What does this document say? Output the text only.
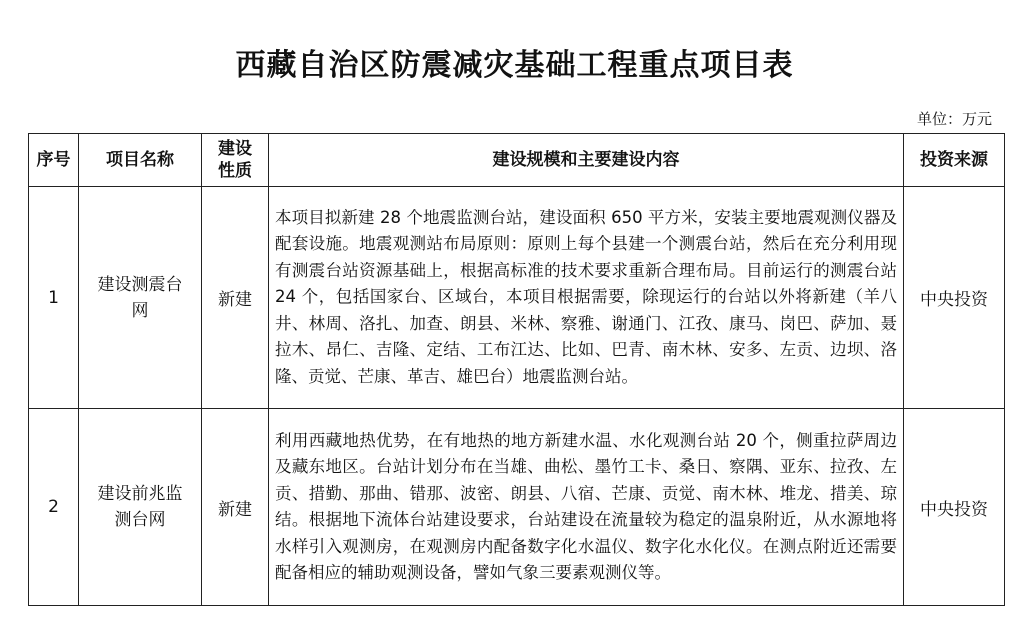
西藏自治区防震减灾基础工程重点项目表
单位：万元
序号	项目名称	建设性质	建设规模和主要建设内容	投资来源
1	建设测震台网	新建	本项目拟新建 28 个地震监测台站，建设面积 650 平方米，安装主要地震观测仪器及配套设施。地震观测站布局原则：原则上每个县建一个测震台站，然后在充分利用现有测震台站资源基础上，根据高标准的技术要求重新合理布局。目前运行的测震台站 24 个，包括国家台、区域台，本项目根据需要，除现运行的台站以外将新建（羊八井、林周、洛扎、加查、朗县、米林、察雅、谢通门、江孜、康马、岗巴、萨加、聂拉木、昂仁、吉隆、定结、工布江达、比如、巴青、南木林、安多、左贡、边坝、洛隆、贡觉、芒康、革吉、雄巴台）地震监测台站。	中央投资
2	建设前兆监测台网	新建	利用西藏地热优势，在有地热的地方新建水温、水化观测台站 20 个，侧重拉萨周边及藏东地区。台站计划分布在当雄、曲松、墨竹工卡、桑日、察隅、亚东、拉孜、左贡、措勤、那曲、错那、波密、朗县、八宿、芒康、贡觉、南木林、堆龙、措美、琼结。根据地下流体台站建设要求，台站建设在流量较为稳定的温泉附近，从水源地将水样引入观测房，在观测房内配备数字化水温仪、数字化水化仪。在测点附近还需要配备相应的辅助观测设备，譬如气象三要素观测仪等。	中央投资
